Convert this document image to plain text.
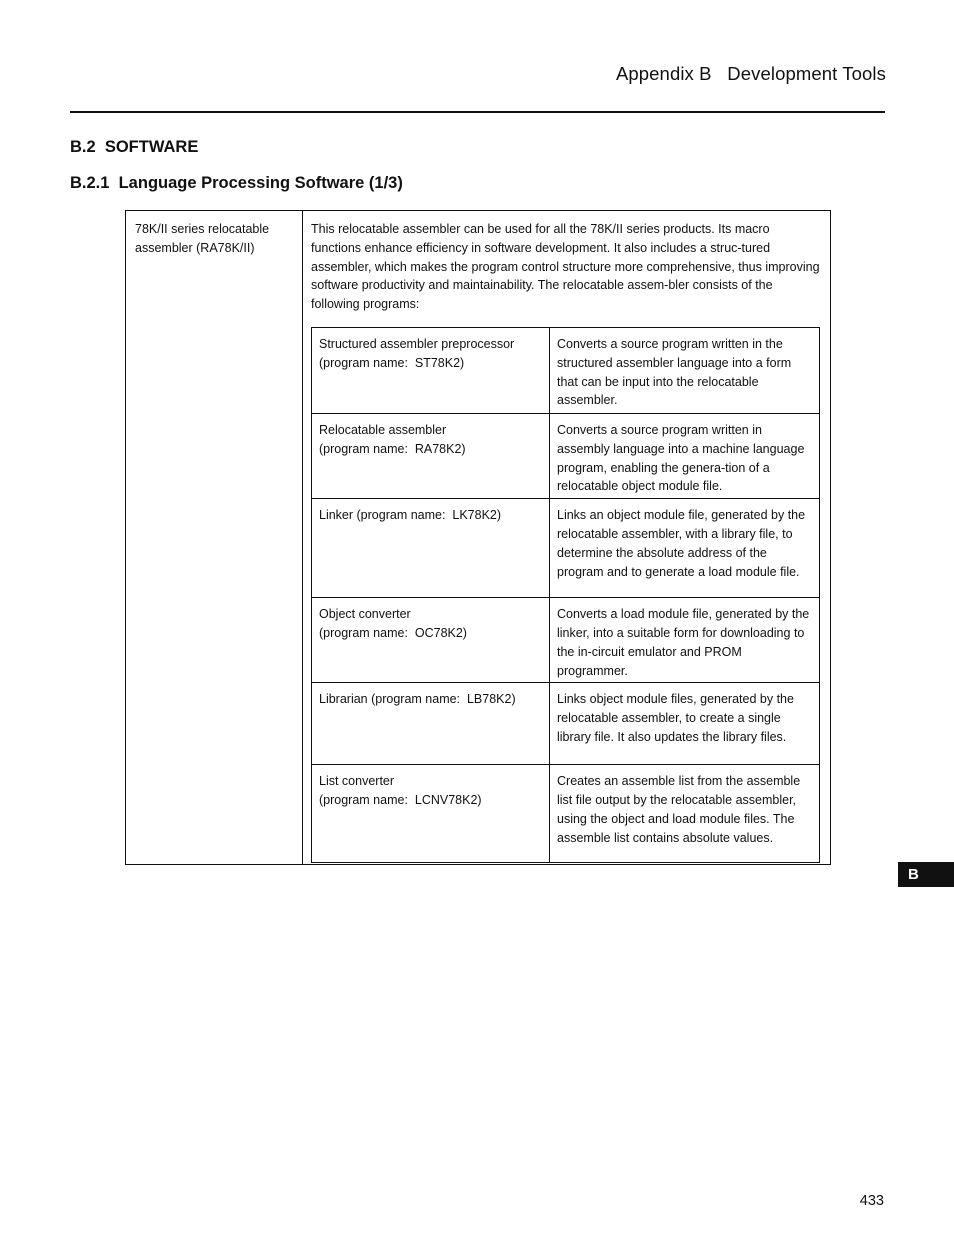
Appendix B   Development Tools
B.2  SOFTWARE
B.2.1  Language Processing Software (1/3)
78K/II series relocatable
assembler (RA78K/II)
This relocatable assembler can be used for all the 78K/II series products. Its macro functions enhance efficiency in software development. It also includes a struc-tured assembler, which makes the program control structure more comprehensive, thus improving software productivity and maintainability. The relocatable assem-bler consists of the following programs:
Structured assembler preprocessor
(program name:  ST78K2)	Converts a source program written in the structured assembler language into a form that can be input into the relocatable assembler.

Relocatable assembler
(program name:  RA78K2)	Converts a source program written in assembly language into a machine language program, enabling the genera-tion of a relocatable object module file.

Linker (program name:  LK78K2)	Links an object module file, generated by the relocatable assembler, with a library file, to determine the absolute address of the program and to generate a load module file.

Object converter
(program name:  OC78K2)	Converts a load module file, generated by the linker, into a suitable form for downloading to the in-circuit emulator and PROM programmer.

Librarian (program name:  LB78K2)	Links object module files, generated by the relocatable assembler, to create a single library file. It also updates the library files.

List converter
(program name:  LCNV78K2)	Creates an assemble list from the assemble list file output by the relocatable assembler, using the object and load module files. The assemble list contains absolute values.
B
433
